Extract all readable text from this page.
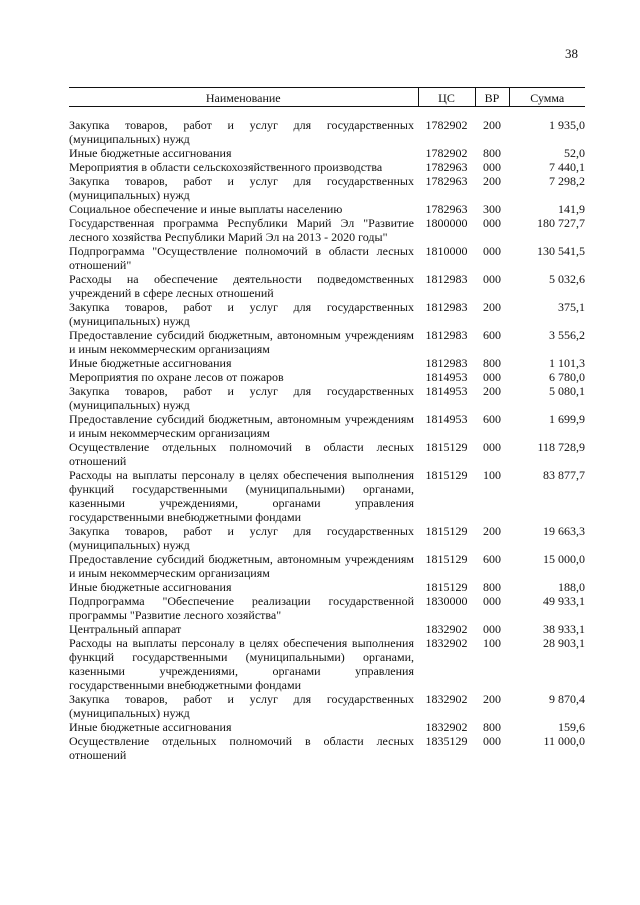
38
Наименование	ЦС	ВР	Сумма
Закупка товаров, работ и услуг для государственных (муниципальных) нужд	1782902	200	1 935,0
Иные бюджетные ассигнования	1782902	800	52,0
Мероприятия в области сельскохозяйственного производства	1782963	000	7 440,1
Закупка товаров, работ и услуг для государственных (муниципальных) нужд	1782963	200	7 298,2
Социальное обеспечение и иные выплаты населению	1782963	300	141,9
Государственная программа Республики Марий Эл "Развитие лесного хозяйства Республики Марий Эл на 2013 - 2020 годы"	1800000	000	180 727,7
Подпрограмма "Осуществление полномочий в области лесных отношений"	1810000	000	130 541,5
Расходы на обеспечение деятельности подведомственных учреждений в сфере лесных отношений	1812983	000	5 032,6
Закупка товаров, работ и услуг для государственных (муниципальных) нужд	1812983	200	375,1
Предоставление субсидий бюджетным, автономным учреждениям и иным некоммерческим организациям	1812983	600	3 556,2
Иные бюджетные ассигнования	1812983	800	1 101,3
Мероприятия по охране лесов от пожаров	1814953	000	6 780,0
Закупка товаров, работ и услуг для государственных (муниципальных) нужд	1814953	200	5 080,1
Предоставление субсидий бюджетным, автономным учреждениям и иным некоммерческим организациям	1814953	600	1 699,9
Осуществление отдельных полномочий в области лесных отношений	1815129	000	118 728,9
Расходы на выплаты персоналу в целях обеспечения выполнения функций государственными (муниципальными) органами, казенными учреждениями, органами управления государственными внебюджетными фондами	1815129	100	83 877,7
Закупка товаров, работ и услуг для государственных (муниципальных) нужд	1815129	200	19 663,3
Предоставление субсидий бюджетным, автономным учреждениям и иным некоммерческим организациям	1815129	600	15 000,0
Иные бюджетные ассигнования	1815129	800	188,0
Подпрограмма "Обеспечение реализации государственной программы "Развитие лесного хозяйства"	1830000	000	49 933,1
Центральный аппарат	1832902	000	38 933,1
Расходы на выплаты персоналу в целях обеспечения выполнения функций государственными (муниципальными) органами, казенными учреждениями, органами управления государственными внебюджетными фондами	1832902	100	28 903,1
Закупка товаров, работ и услуг для государственных (муниципальных) нужд	1832902	200	9 870,4
Иные бюджетные ассигнования	1832902	800	159,6
Осуществление отдельных полномочий в области лесных отношений	1835129	000	11 000,0
